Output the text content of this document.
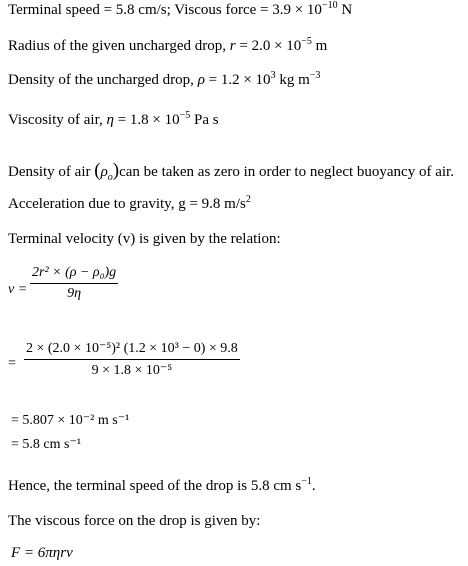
Terminal speed = 5.8 cm/s; Viscous force = $3.9 \times 10^{-10}$ N
Radius of the given uncharged drop, $r = 2.0 \times 10^{-5}$ m
Density of the uncharged drop, $\rho = 1.2 \times 10^3$ kg $m^{-3}$
Viscosity of air, $\eta = 1.8 \times 10^{-5}$ Pa s
Density of air $(\rho_o)can$ be taken as zero in order to neglect buoyancy of air.
Acceleration due to gravity, g = 9.8 $m/s^2$
Terminal velocity (v) is given by the relation:
v =
2r² × (ρ − ρ₀)g
9η
=
2 × (2.0 × 10⁻⁵)² (1.2 × 10³ − 0) × 9.8
9 × 1.8 × 10⁻⁵
= 5.807 × 10⁻² m s⁻¹
= 5.8 cm s⁻¹
Hence, the terminal speed of the drop is 5.8 cm $s^{-1}$.
The viscous force on the drop is given by:
F = 6πηrv
